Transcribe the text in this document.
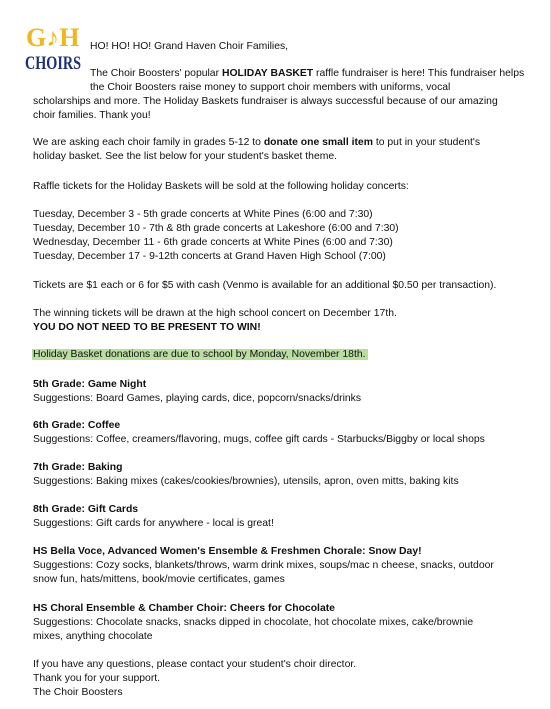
G♪H
CHOIRS
HO! HO! HO! Grand Haven Choir Families,
The Choir Boosters' popular HOLIDAY BASKET raffle fundraiser is here! This fundraiser helps
the Choir Boosters raise money to support choir members with uniforms, vocal
scholarships and more. The Holiday Baskets fundraiser is always successful because of our amazing
choir families. Thank you!
We are asking each choir family in grades 5-12 to donate one small item to put in your student's
holiday basket. See the list below for your student's basket theme.
Raffle tickets for the Holiday Baskets will be sold at the following holiday concerts:
Tuesday, December 3 - 5th grade concerts at White Pines (6:00 and 7:30)
Tuesday, December 10 - 7th & 8th grade concerts at Lakeshore (6:00 and 7:30)
Wednesday, December 11 - 6th grade concerts at White Pines (6:00 and 7:30)
Tuesday, December 17 - 9-12th concerts at Grand Haven High School (7:00)
Tickets are $1 each or 6 for $5 with cash (Venmo is available for an additional $0.50 per transaction).
The winning tickets will be drawn at the high school concert on December 17th.
YOU DO NOT NEED TO BE PRESENT TO WIN!
Holiday Basket donations are due to school by Monday, November 18th.
5th Grade: Game Night
Suggestions: Board Games, playing cards, dice, popcorn/snacks/drinks
6th Grade: Coffee
Suggestions: Coffee, creamers/flavoring, mugs, coffee gift cards - Starbucks/Biggby or local shops
7th Grade: Baking
Suggestions: Baking mixes (cakes/cookies/brownies), utensils, apron, oven mitts, baking kits
8th Grade: Gift Cards
Suggestions: Gift cards for anywhere - local is great!
HS Bella Voce, Advanced Women's Ensemble & Freshmen Chorale: Snow Day!
Suggestions: Cozy socks, blankets/throws, warm drink mixes, soups/mac n cheese, snacks, outdoor
snow fun, hats/mittens, book/movie certificates, games
HS Choral Ensemble & Chamber Choir: Cheers for Chocolate
Suggestions: Chocolate snacks, snacks dipped in chocolate, hot chocolate mixes, cake/brownie
mixes, anything chocolate
If you have any questions, please contact your student's choir director.
Thank you for your support.
The Choir Boosters
